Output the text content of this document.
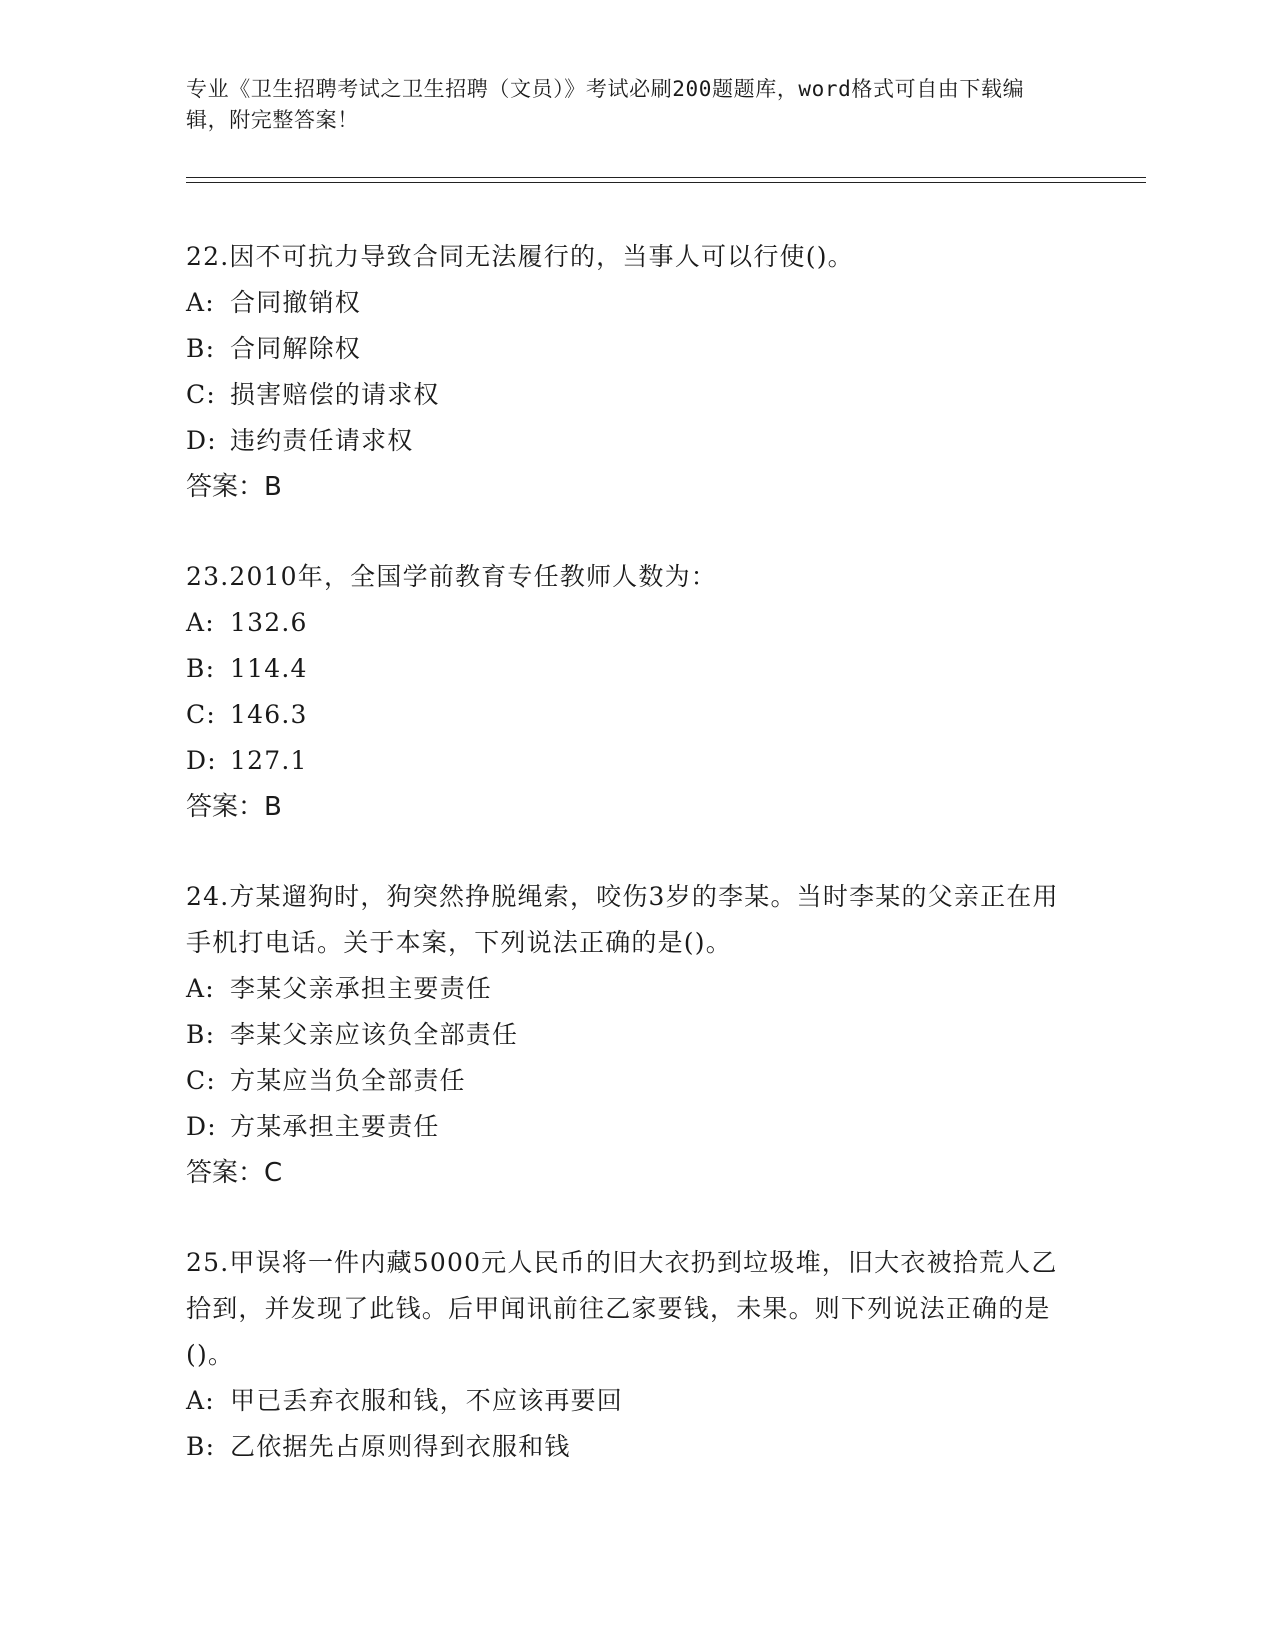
专业《卫生招聘考试之卫生招聘（文员）》考试必刷200题题库，word格式可自由下载编辑，附完整答案！
22.因不可抗力导致合同无法履行的，当事人可以行使()。
A: 合同撤销权
B: 合同解除权
C: 损害赔偿的请求权
D: 违约责任请求权
答案：B
23.2010年，全国学前教育专任教师人数为：
A: 132.6
B: 114.4
C: 146.3
D: 127.1
答案：B
24.方某遛狗时，狗突然挣脱绳索，咬伤3岁的李某。当时李某的父亲正在用手机打电话。关于本案，下列说法正确的是()。
A: 李某父亲承担主要责任
B: 李某父亲应该负全部责任
C: 方某应当负全部责任
D: 方某承担主要责任
答案：C
25.甲误将一件内藏5000元人民币的旧大衣扔到垃圾堆，旧大衣被拾荒人乙拾到，并发现了此钱。后甲闻讯前往乙家要钱，未果。则下列说法正确的是()。
A: 甲已丢弃衣服和钱，不应该再要回
B: 乙依据先占原则得到衣服和钱
